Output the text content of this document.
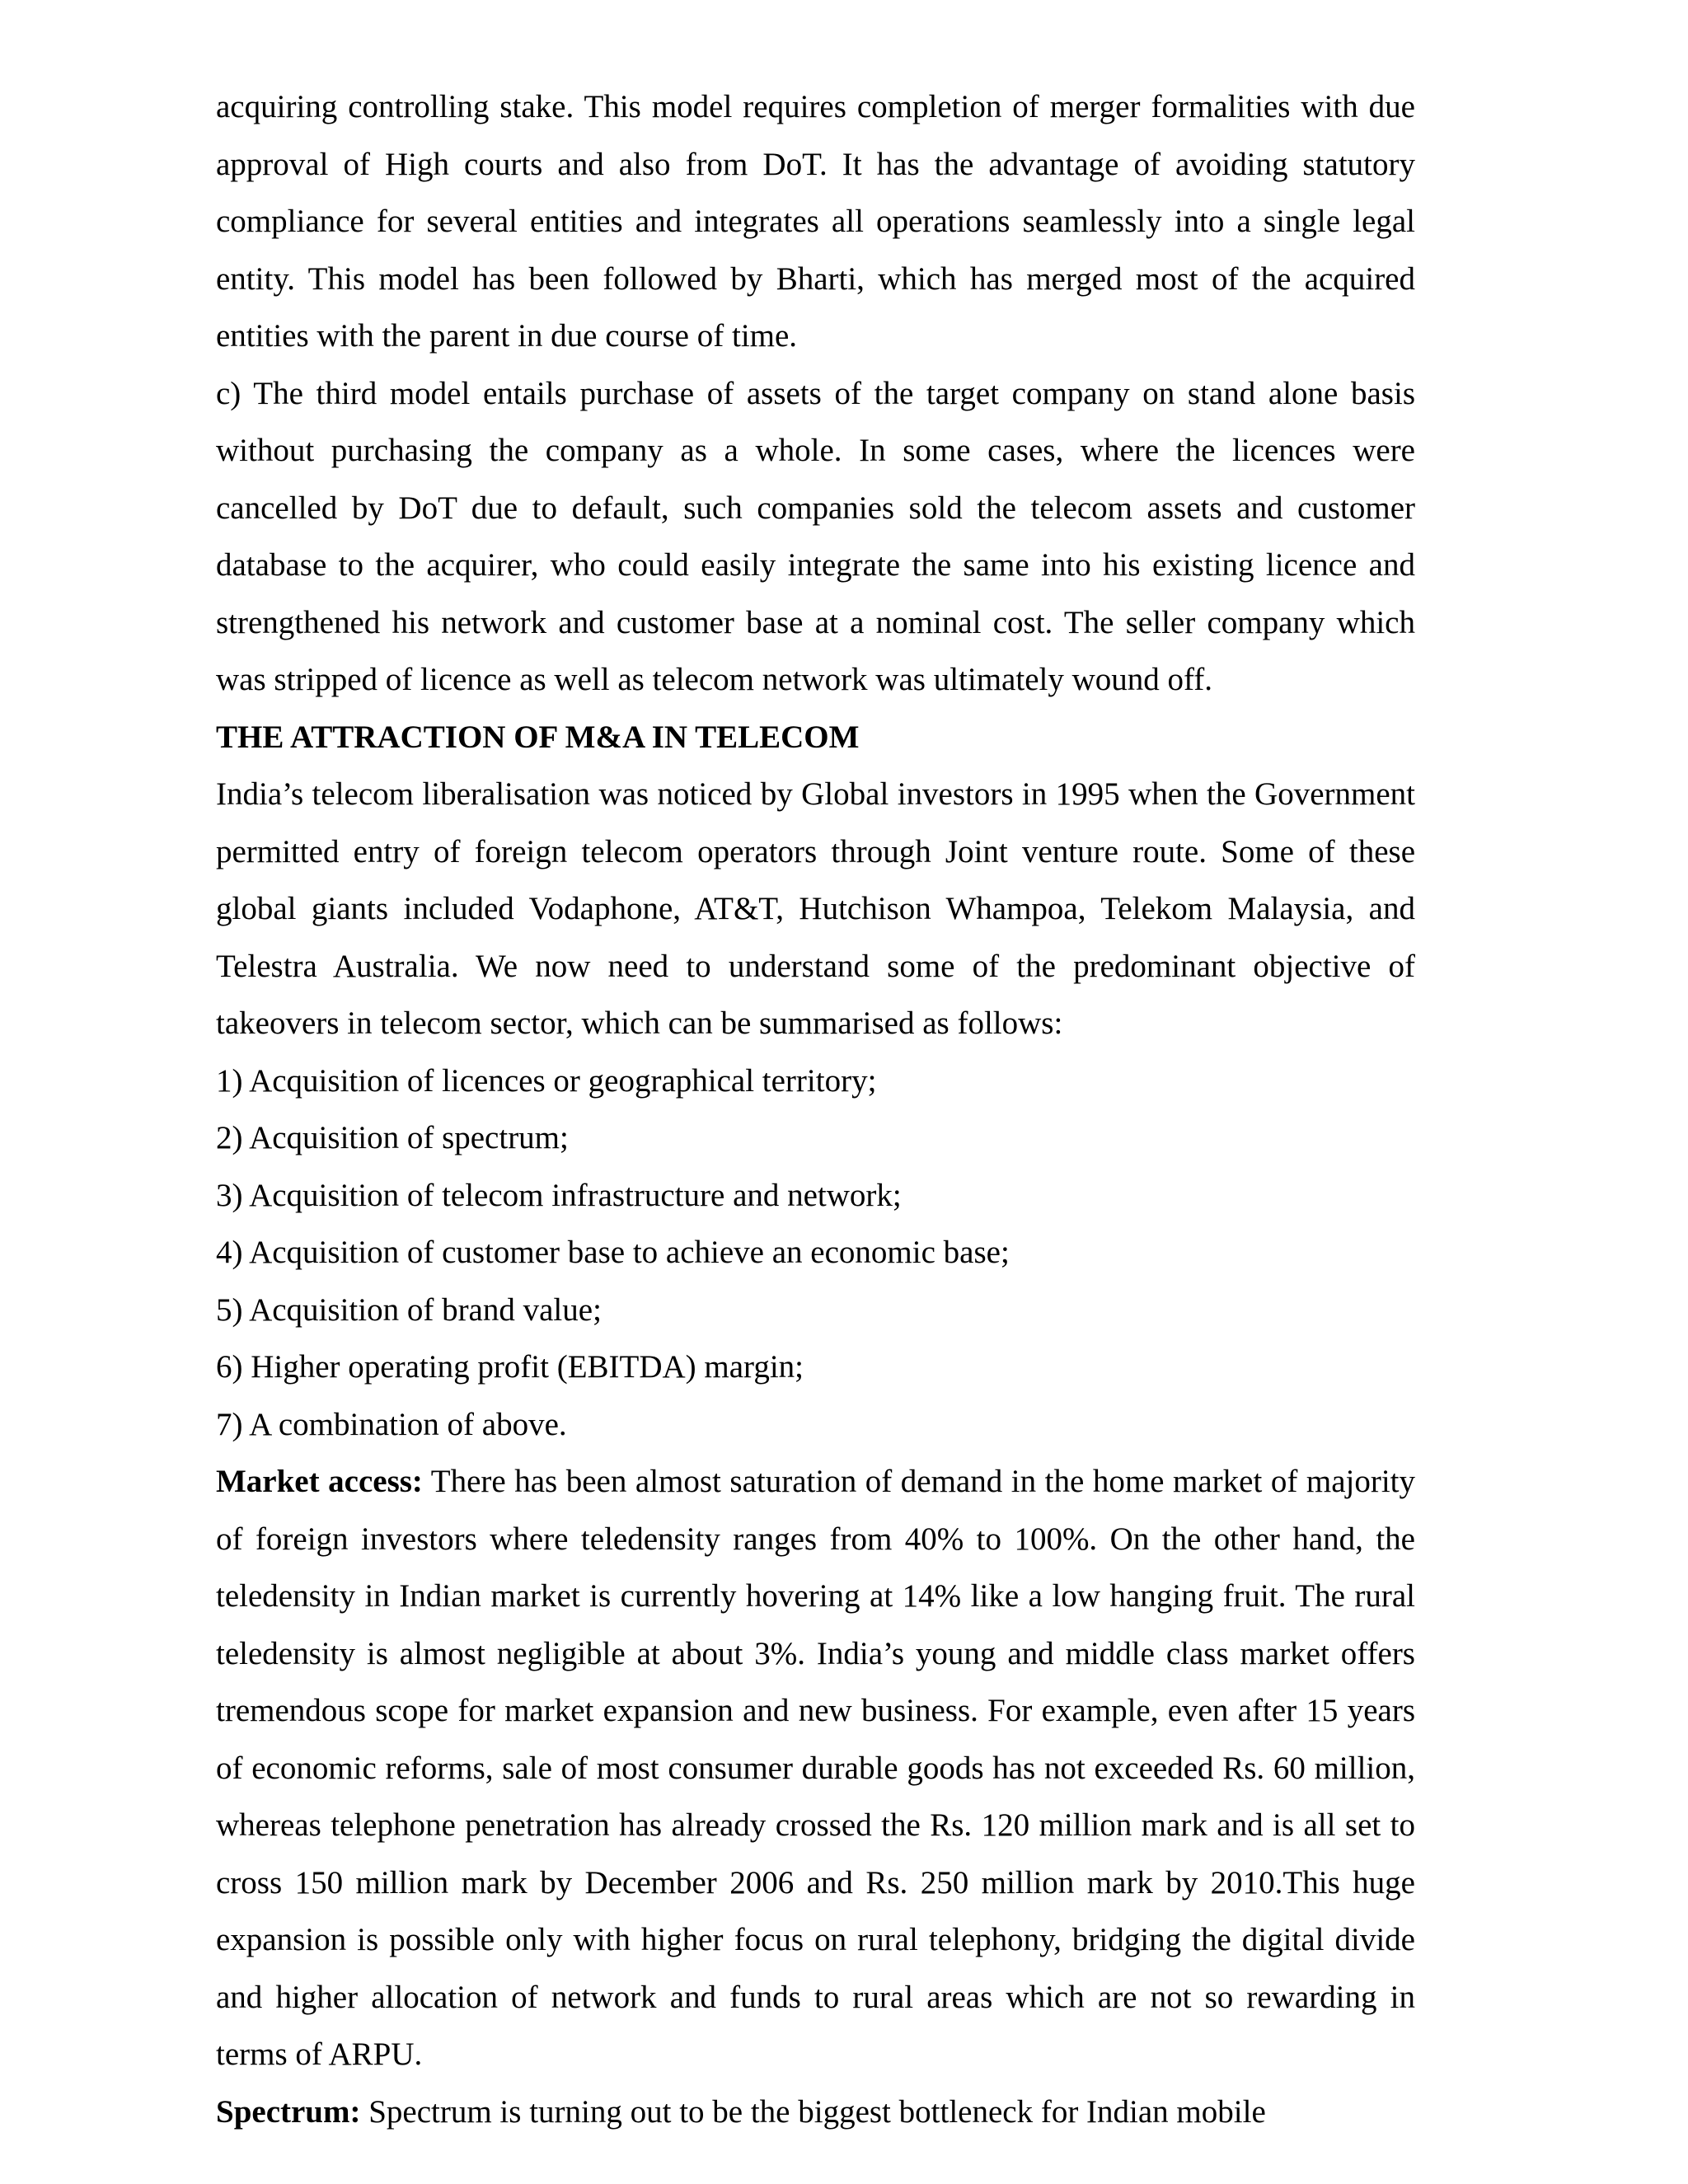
acquiring controlling stake. This model requires completion of merger formalities with due approval of High courts and also from DoT. It has the advantage of avoiding statutory compliance for several entities and integrates all operations seamlessly into a single legal entity. This model has been followed by Bharti, which has merged most of the acquired entities with the parent in due course of time.

c) The third model entails purchase of assets of the target company on stand alone basis without purchasing the company as a whole. In some cases, where the licences were cancelled by DoT due to default, such companies sold the telecom assets and customer database to the acquirer, who could easily integrate the same into his existing licence and strengthened his network and customer base at a nominal cost. The seller company which was stripped of licence as well as telecom network was ultimately wound off.

THE ATTRACTION OF M&A IN TELECOM

India’s telecom liberalisation was noticed by Global investors in 1995 when the Government permitted entry of foreign telecom operators through Joint venture route. Some of these global giants included Vodaphone, AT&T, Hutchison Whampoa, Telekom Malaysia, and Telestra Australia. We now need to understand some of the predominant objective of takeovers in telecom sector, which can be summarised as follows:

1) Acquisition of licences or geographical territory;
2) Acquisition of spectrum;
3) Acquisition of telecom infrastructure and network;
4) Acquisition of customer base to achieve an economic base;
5) Acquisition of brand value;
6) Higher operating profit (EBITDA) margin;
7) A combination of above.

Market access: There has been almost saturation of demand in the home market of majority of foreign investors where teledensity ranges from 40% to 100%. On the other hand, the teledensity in Indian market is currently hovering at 14% like a low hanging fruit. The rural teledensity is almost negligible at about 3%. India’s young and middle class market offers tremendous scope for market expansion and new business. For example, even after 15 years of economic reforms, sale of most consumer durable goods has not exceeded Rs. 60 million, whereas telephone penetration has already crossed the Rs. 120 million mark and is all set to cross 150 million mark by December 2006 and Rs. 250 million mark by 2010.This huge expansion is possible only with higher focus on rural telephony, bridging the digital divide and higher allocation of network and funds to rural areas which are not so rewarding in terms of ARPU.

Spectrum: Spectrum is turning out to be the biggest bottleneck for Indian mobile
